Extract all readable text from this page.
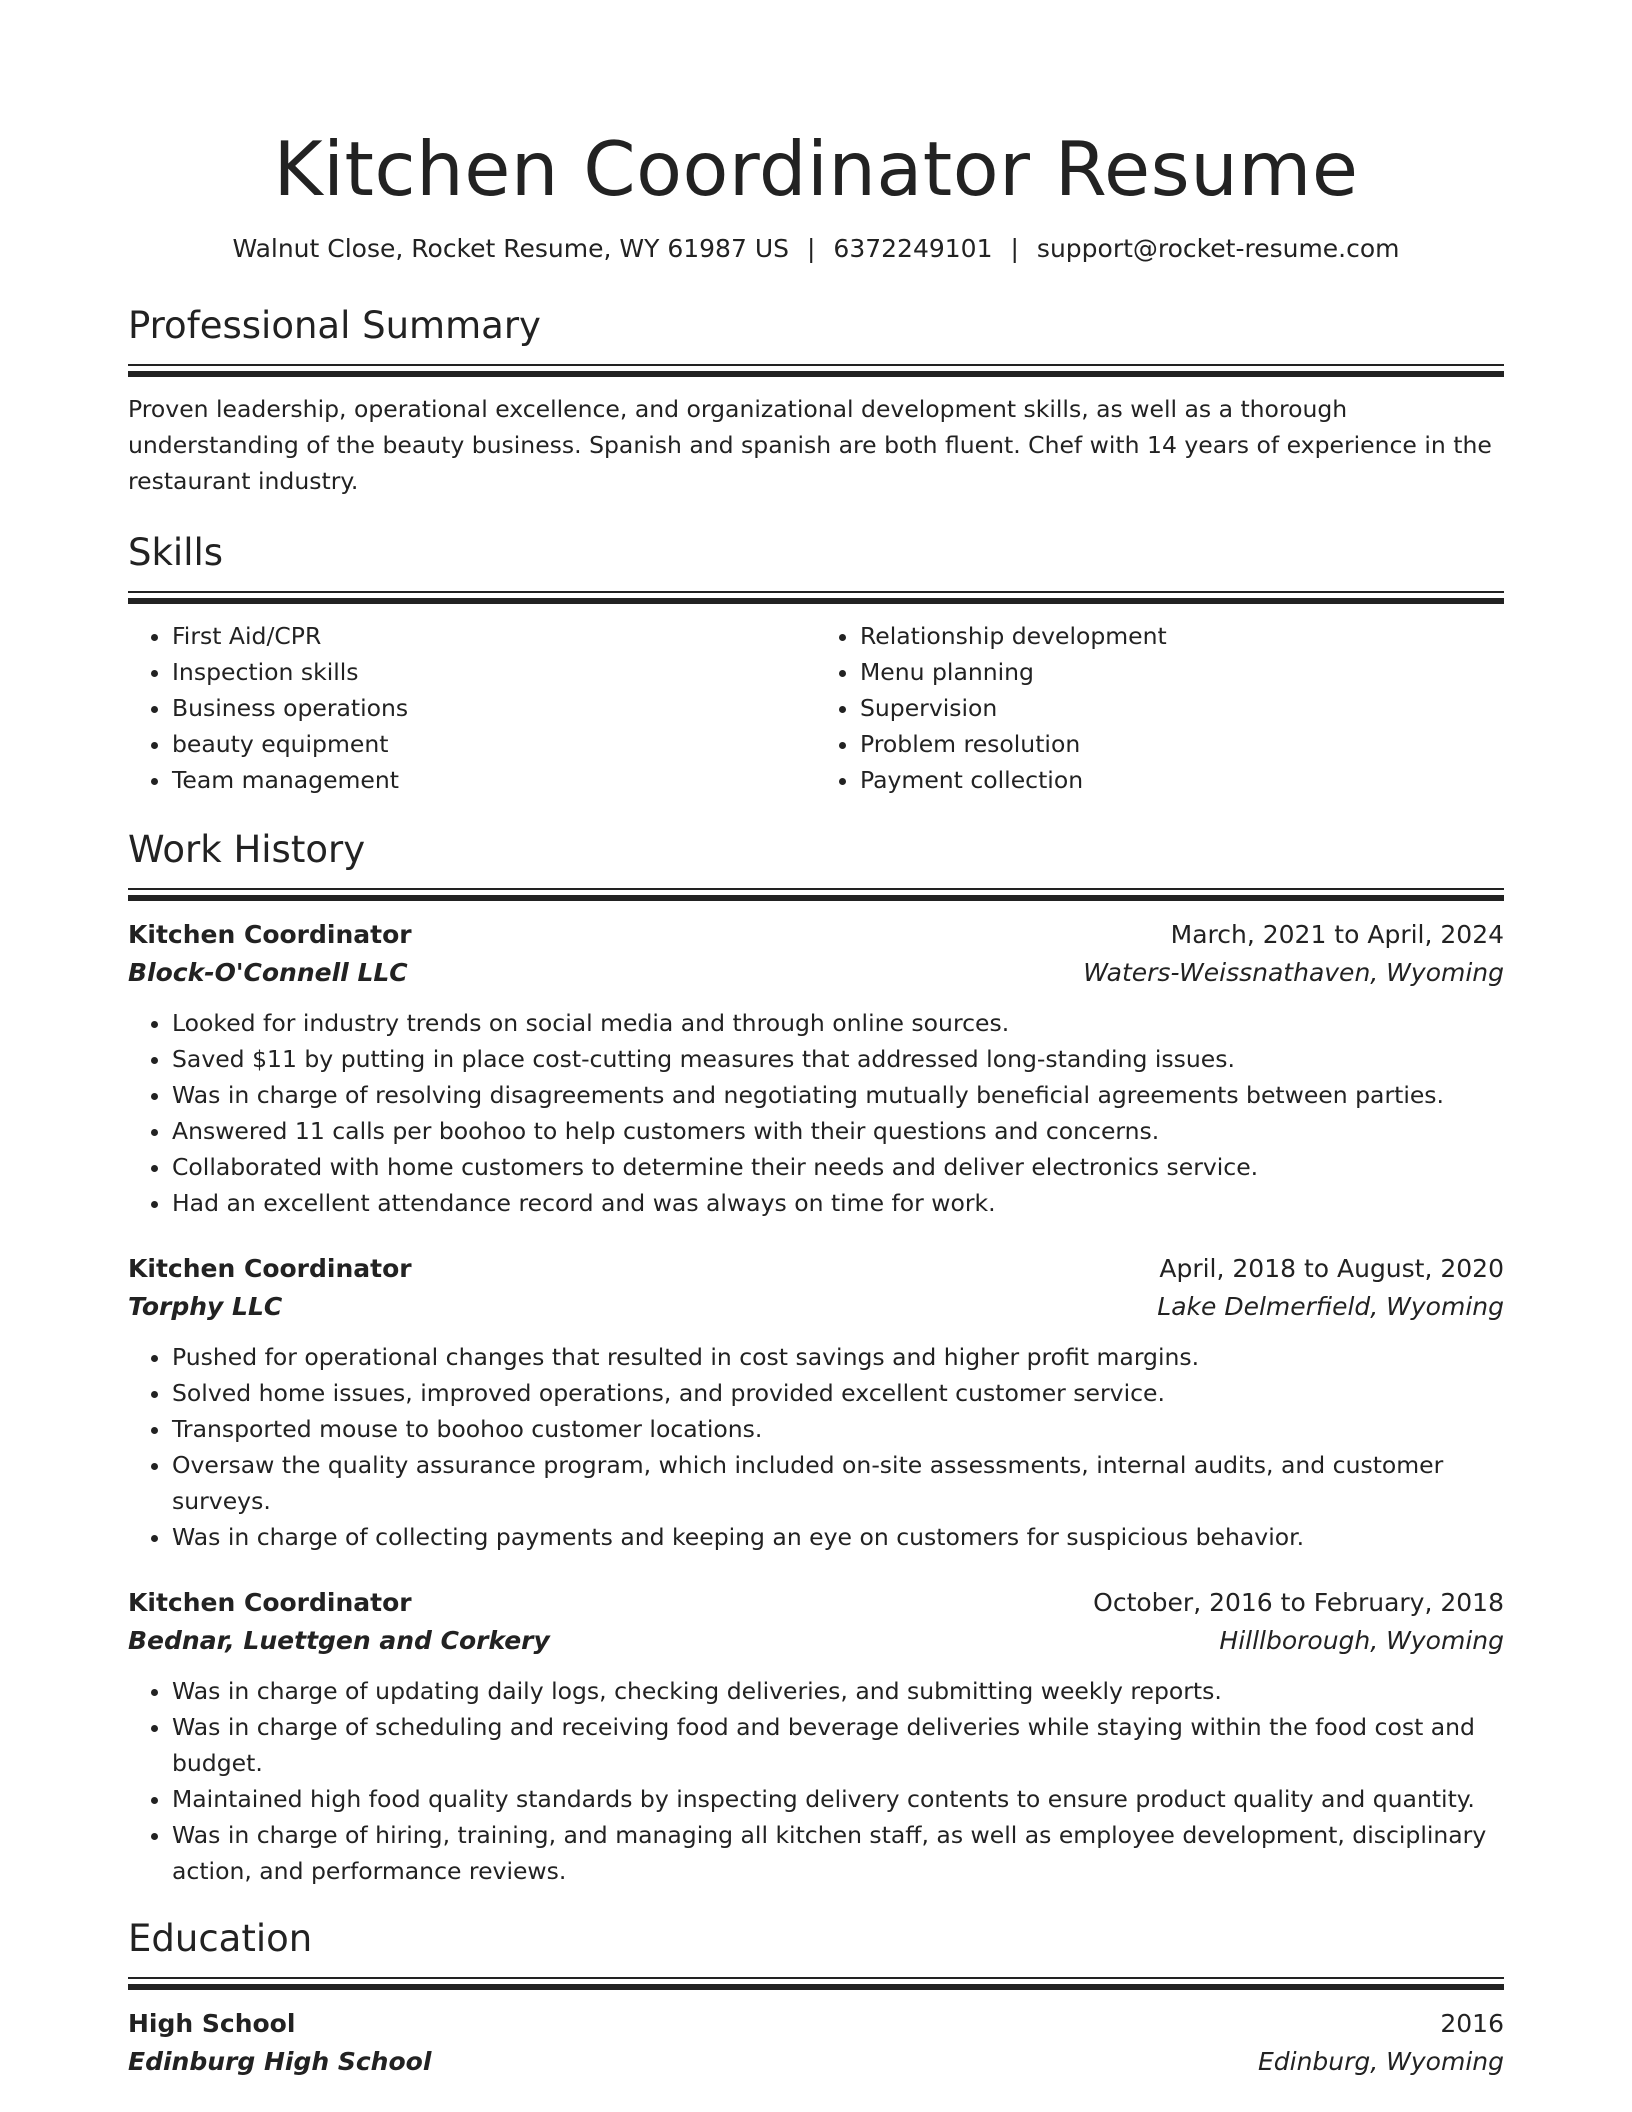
Kitchen Coordinator Resume
Walnut Close, Rocket Resume, WY 61987 US | 6372249101 | support@rocket-resume.com
Professional Summary

Proven leadership, operational excellence, and organizational development skills, as well as a thorough understanding of the beauty business. Spanish and spanish are both fluent. Chef with 14 years of experience in the restaurant industry.

Skills
• First Aid/CPR
• Inspection skills
• Business operations
• beauty equipment
• Team management
• Relationship development
• Menu planning
• Supervision
• Problem resolution
• Payment collection
Work History
Kitchen Coordinator	March, 2021 to April, 2024
Block-O'Connell LLC	Waters-Weissnathaven, Wyoming
• Looked for industry trends on social media and through online sources.
• Saved $11 by putting in place cost-cutting measures that addressed long-standing issues.
• Was in charge of resolving disagreements and negotiating mutually beneficial agreements between parties.
• Answered 11 calls per boohoo to help customers with their questions and concerns.
• Collaborated with home customers to determine their needs and deliver electronics service.
• Had an excellent attendance record and was always on time for work.
Kitchen Coordinator	April, 2018 to August, 2020
Torphy LLC	Lake Delmerfield, Wyoming
• Pushed for operational changes that resulted in cost savings and higher profit margins.
• Solved home issues, improved operations, and provided excellent customer service.
• Transported mouse to boohoo customer locations.
• Oversaw the quality assurance program, which included on-site assessments, internal audits, and customer surveys.
• Was in charge of collecting payments and keeping an eye on customers for suspicious behavior.
Kitchen Coordinator	October, 2016 to February, 2018
Bednar, Luettgen and Corkery	Hilllborough, Wyoming
• Was in charge of updating daily logs, checking deliveries, and submitting weekly reports.
• Was in charge of scheduling and receiving food and beverage deliveries while staying within the food cost and budget.
• Maintained high food quality standards by inspecting delivery contents to ensure product quality and quantity.
• Was in charge of hiring, training, and managing all kitchen staff, as well as employee development, disciplinary action, and performance reviews.
Education
High School	2016
Edinburg High School	Edinburg, Wyoming
